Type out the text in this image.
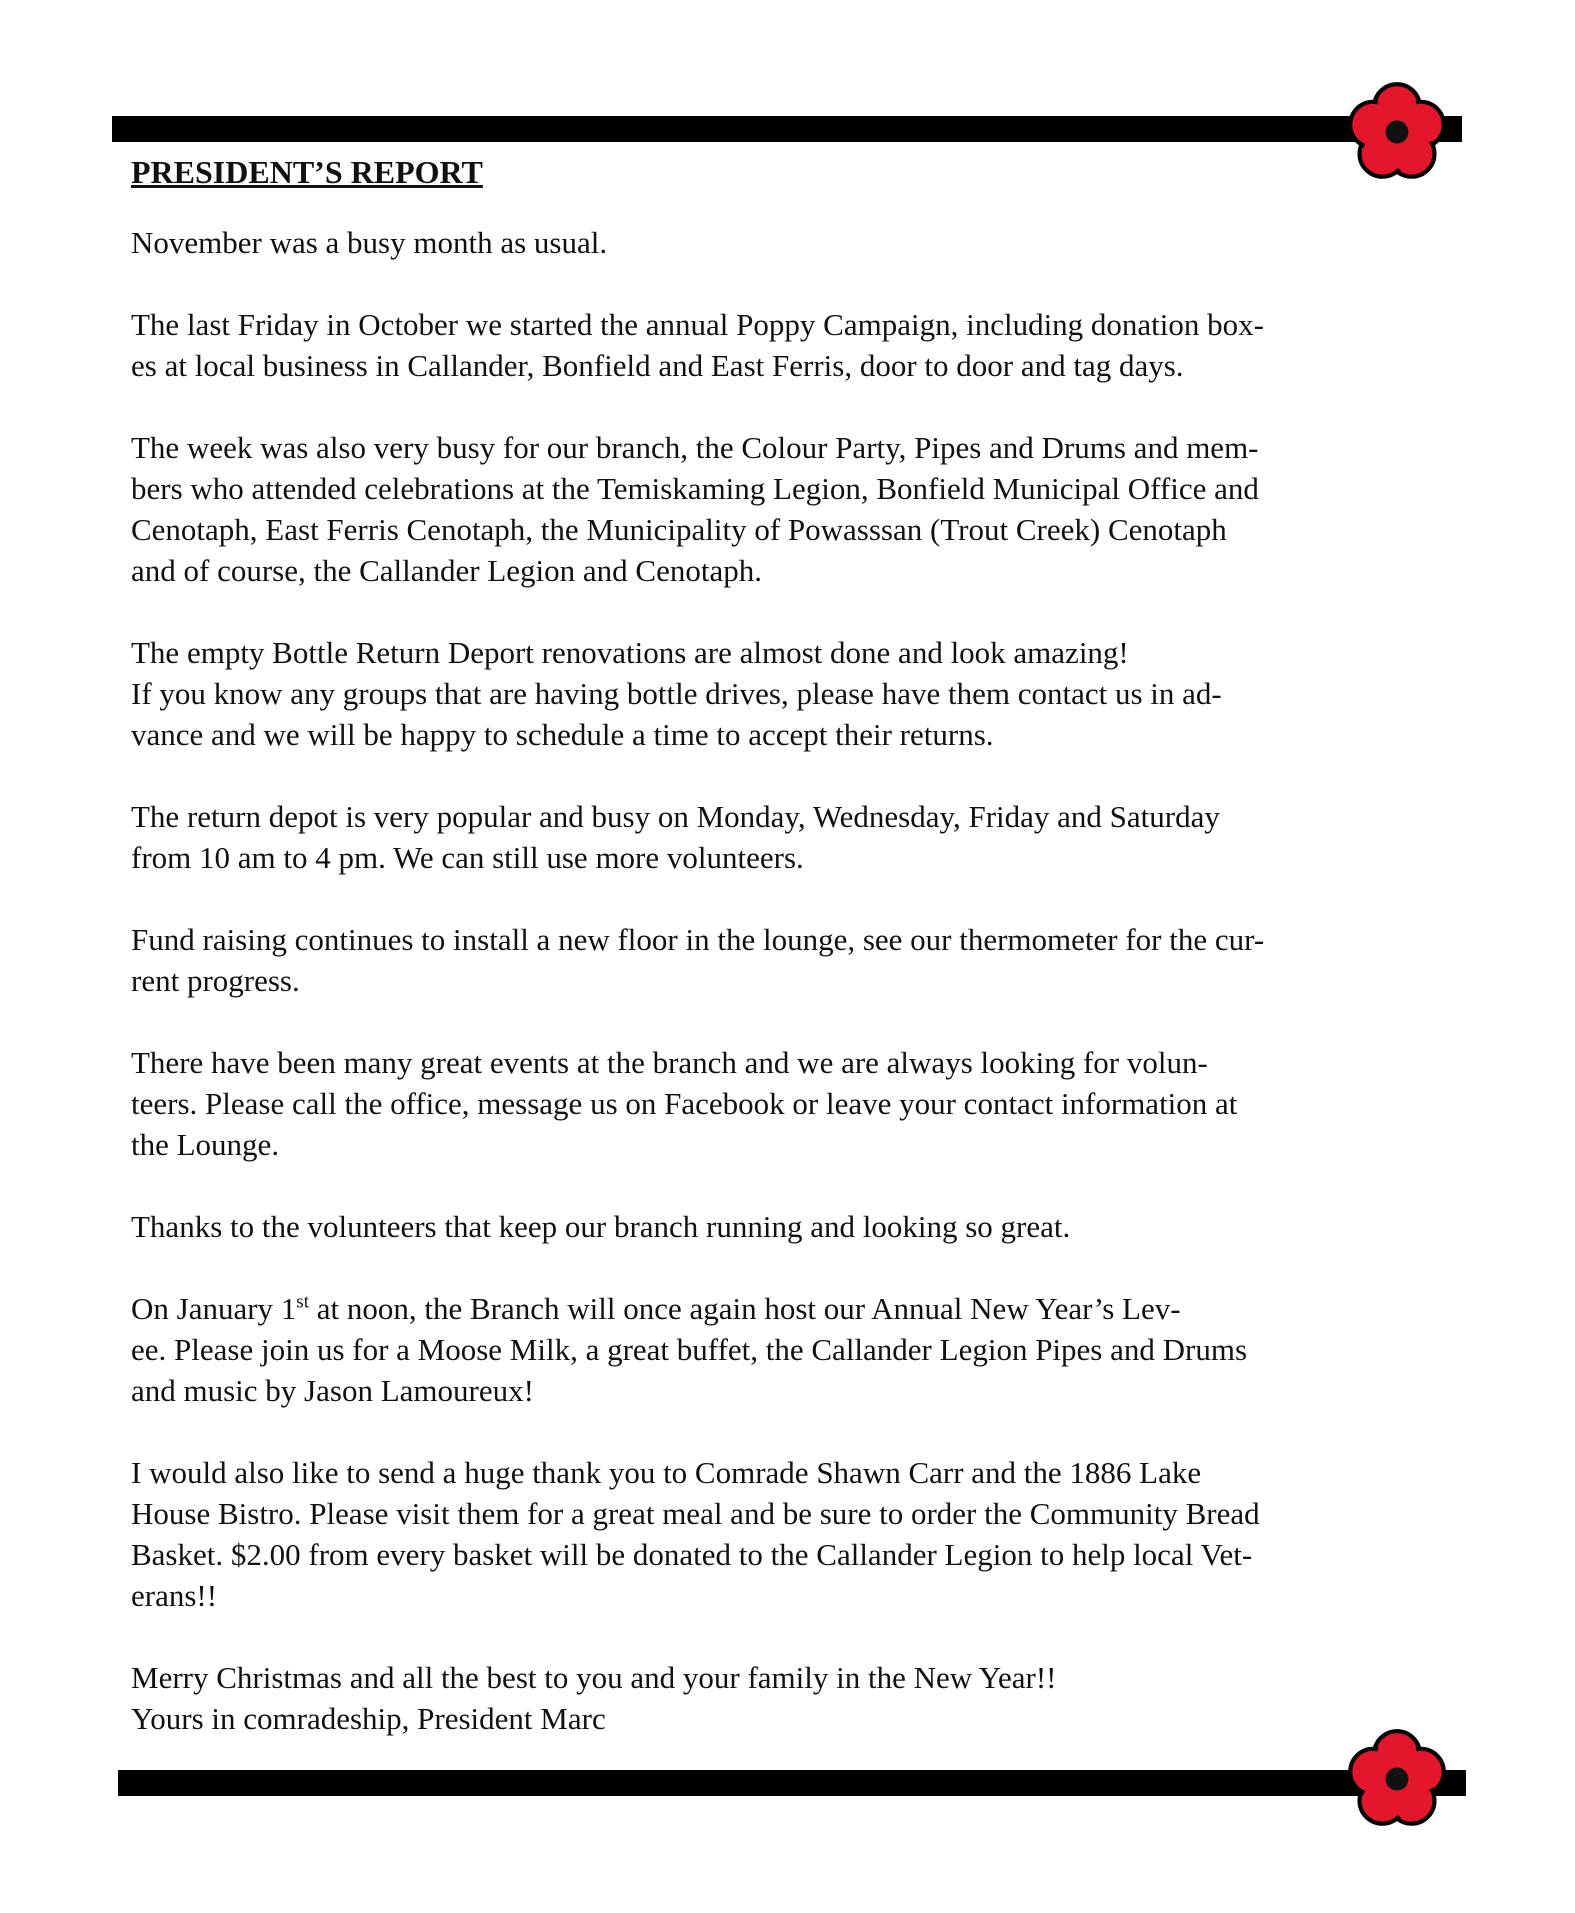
PRESIDENT’S REPORT

November was a busy month as usual.

The last Friday in October we started the annual Poppy Campaign, including donation box-
es at local business in Callander, Bonfield and East Ferris, door to door and tag days.

The week was also very busy for our branch, the Colour Party, Pipes and Drums and mem-
bers who attended celebrations at the Temiskaming Legion, Bonfield Municipal Office and
Cenotaph, East Ferris Cenotaph, the Municipality of Powasssan (Trout Creek) Cenotaph
and of course, the Callander Legion and Cenotaph.

The empty Bottle Return Deport renovations are almost done and look amazing!
If you know any groups that are having bottle drives, please have them contact us in ad-
vance and we will be happy to schedule a time to accept their returns.

The return depot is very popular and busy on Monday, Wednesday, Friday and Saturday
from 10 am to 4 pm. We can still use more volunteers.

Fund raising continues to install a new floor in the lounge, see our thermometer for the cur-
rent progress.

There have been many great events at the branch and we are always looking for volun-
teers. Please call the office, message us on Facebook or leave your contact information at
the Lounge.

Thanks to the volunteers that keep our branch running and looking so great.

On January 1st at noon, the Branch will once again host our Annual New Year’s Lev-
ee. Please join us for a Moose Milk, a great buffet, the Callander Legion Pipes and Drums
and music by Jason Lamoureux!

I would also like to send a huge thank you to Comrade Shawn Carr and the 1886 Lake
House Bistro. Please visit them for a great meal and be sure to order the Community Bread
Basket. $2.00 from every basket will be donated to the Callander Legion to help local Vet-
erans!!

Merry Christmas and all the best to you and your family in the New Year!!
Yours in comradeship, President Marc
